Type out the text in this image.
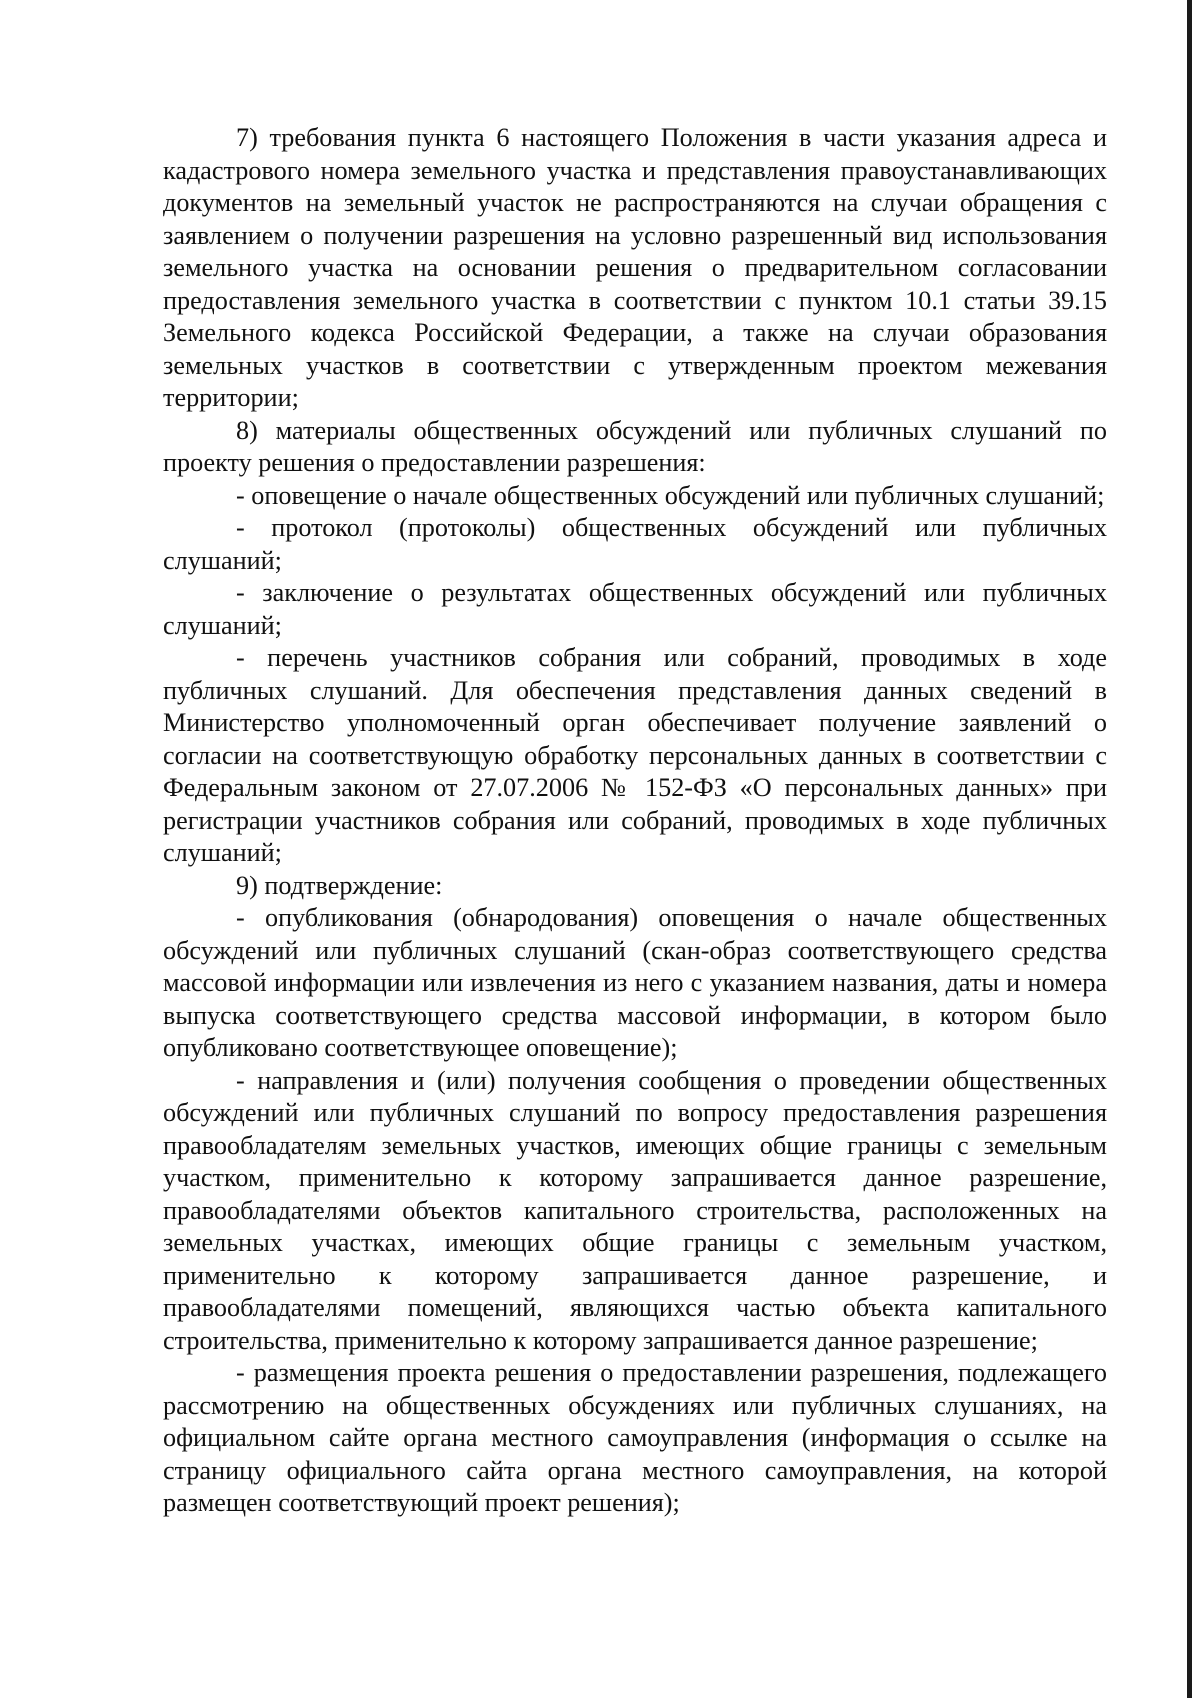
7) требования пункта 6 настоящего Положения в части указания адреса и кадастрового номера земельного участка и представления правоустанавливающих документов на земельный участок не распространяются на случаи обращения с заявлением о получении разрешения на условно разрешенный вид использования земельного участка на основании решения о предварительном согласовании предоставления земельного участка в соответствии с пунктом 10.1 статьи 39.15 Земельного кодекса Российской Федерации, а также на случаи образования земельных участков в соответствии с утвержденным проектом межевания территории;

8) материалы общественных обсуждений или публичных слушаний по проекту решения о предоставлении разрешения:

- оповещение о начале общественных обсуждений или публичных слушаний;

- протокол (протоколы) общественных обсуждений или публичных слушаний;

- заключение о результатах общественных обсуждений или публичных слушаний;

- перечень участников собрания или собраний, проводимых в ходе публичных слушаний. Для обеспечения представления данных сведений в Министерство уполномоченный орган обеспечивает получение заявлений о согласии на соответствующую обработку персональных данных в соответствии с Федеральным законом от 27.07.2006 № 152-ФЗ «О персональных данных» при регистрации участников собрания или собраний, проводимых в ходе публичных слушаний;

9) подтверждение:

- опубликования (обнародования) оповещения о начале общественных обсуждений или публичных слушаний (скан-образ соответствующего средства массовой информации или извлечения из него с указанием названия, даты и номера выпуска соответствующего средства массовой информации, в котором было опубликовано соответствующее оповещение);

- направления и (или) получения сообщения о проведении общественных обсуждений или публичных слушаний по вопросу предоставления разрешения правообладателям земельных участков, имеющих общие границы с земельным участком, применительно к которому запрашивается данное разрешение, правообладателями объектов капитального строительства, расположенных на земельных участках, имеющих общие границы с земельным участком, применительно к которому запрашивается данное разрешение, и правообладателями помещений, являющихся частью объекта капитального строительства, применительно к которому запрашивается данное разрешение;

- размещения проекта решения о предоставлении разрешения, подлежащего рассмотрению на общественных обсуждениях или публичных слушаниях, на официальном сайте органа местного самоуправления (информация о ссылке на страницу официального сайта органа местного самоуправления, на которой размещен соответствующий проект решения);
